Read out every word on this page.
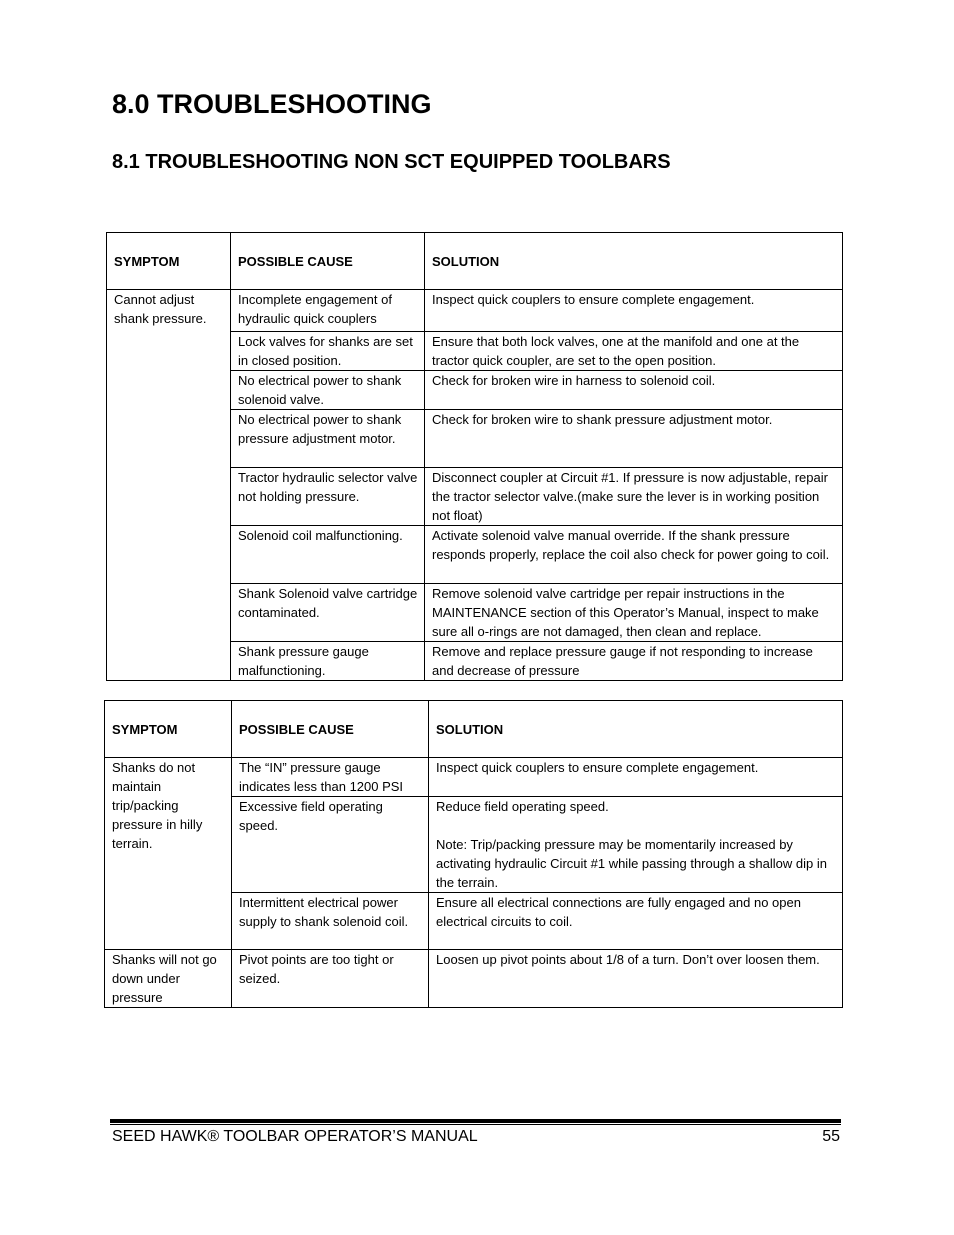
8.0 TROUBLESHOOTING
8.1 TROUBLESHOOTING NON SCT EQUIPPED TOOLBARS
SYMPTOM	POSSIBLE CAUSE	SOLUTION
Cannot adjust shank pressure.	Incomplete engagement of hydraulic quick couplers	Inspect quick couplers to ensure complete engagement.

	Lock valves for shanks are set in closed position.	Ensure that both lock valves, one at the manifold and one at the tractor quick coupler, are set to the open position.

	No electrical power to shank solenoid valve.	Check for broken wire in harness to solenoid coil.

	No electrical power to shank pressure adjustment motor.	Check for broken wire to shank pressure adjustment motor.

	Tractor hydraulic selector valve not holding pressure.	Disconnect coupler at Circuit #1. If pressure is now adjustable, repair the tractor selector valve.(make sure the lever is in working position not float)

	Solenoid coil malfunctioning.	Activate solenoid valve manual override. If the shank pressure responds properly, replace the coil also check for power going to coil.

	Shank Solenoid valve cartridge contaminated.	Remove solenoid valve cartridge per repair instructions in the MAINTENANCE section of this Operator’s Manual, inspect to make sure all o-rings are not damaged, then clean and replace.

	Shank pressure gauge malfunctioning.	Remove and replace pressure gauge if not responding to increase and decrease of pressure
SYMPTOM	POSSIBLE CAUSE	SOLUTION
Shanks do not maintain trip/packing pressure in hilly terrain.	The “IN” pressure gauge indicates less than 1200 PSI	Inspect quick couplers to ensure complete engagement.

	Excessive field operating speed.	Reduce field operating speed.
Note: Trip/packing pressure may be momentarily increased by activating hydraulic Circuit #1 while passing through a shallow dip in the terrain.

	Intermittent electrical power supply to shank solenoid coil.	Ensure all electrical connections are fully engaged and no open electrical circuits to coil.

Shanks will not go down under pressure	Pivot points are too tight or seized.	Loosen up pivot points about 1/8 of a turn. Don’t over loosen them.
SEED HAWK® TOOLBAR OPERATOR’S MANUAL	55
